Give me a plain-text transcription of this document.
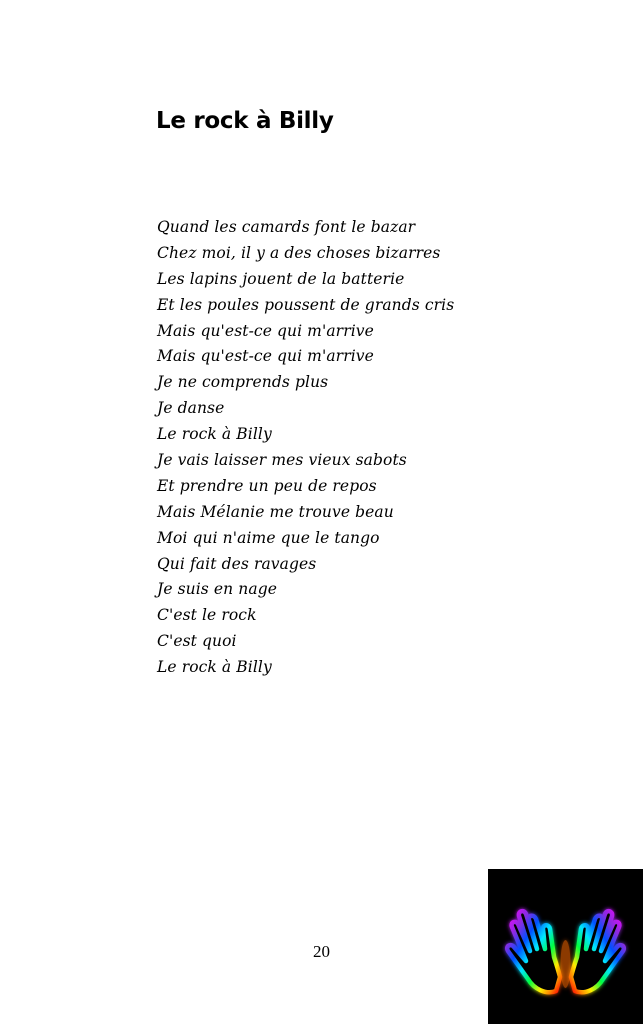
Le rock à Billy
Quand les camards font le bazar
Chez moi, il y a des choses bizarres
Les lapins jouent de la batterie
Et les poules poussent de grands cris
Mais qu'est-ce qui m'arrive
Mais qu'est-ce qui m'arrive
Je ne comprends plus
Je danse
Le rock à Billy
Je vais laisser mes vieux sabots
Et prendre un peu de repos
Mais Mélanie me trouve beau
Moi qui n'aime que le tango
Qui fait des ravages
Je suis en nage
C'est le rock
C'est quoi
Le rock à Billy
20
